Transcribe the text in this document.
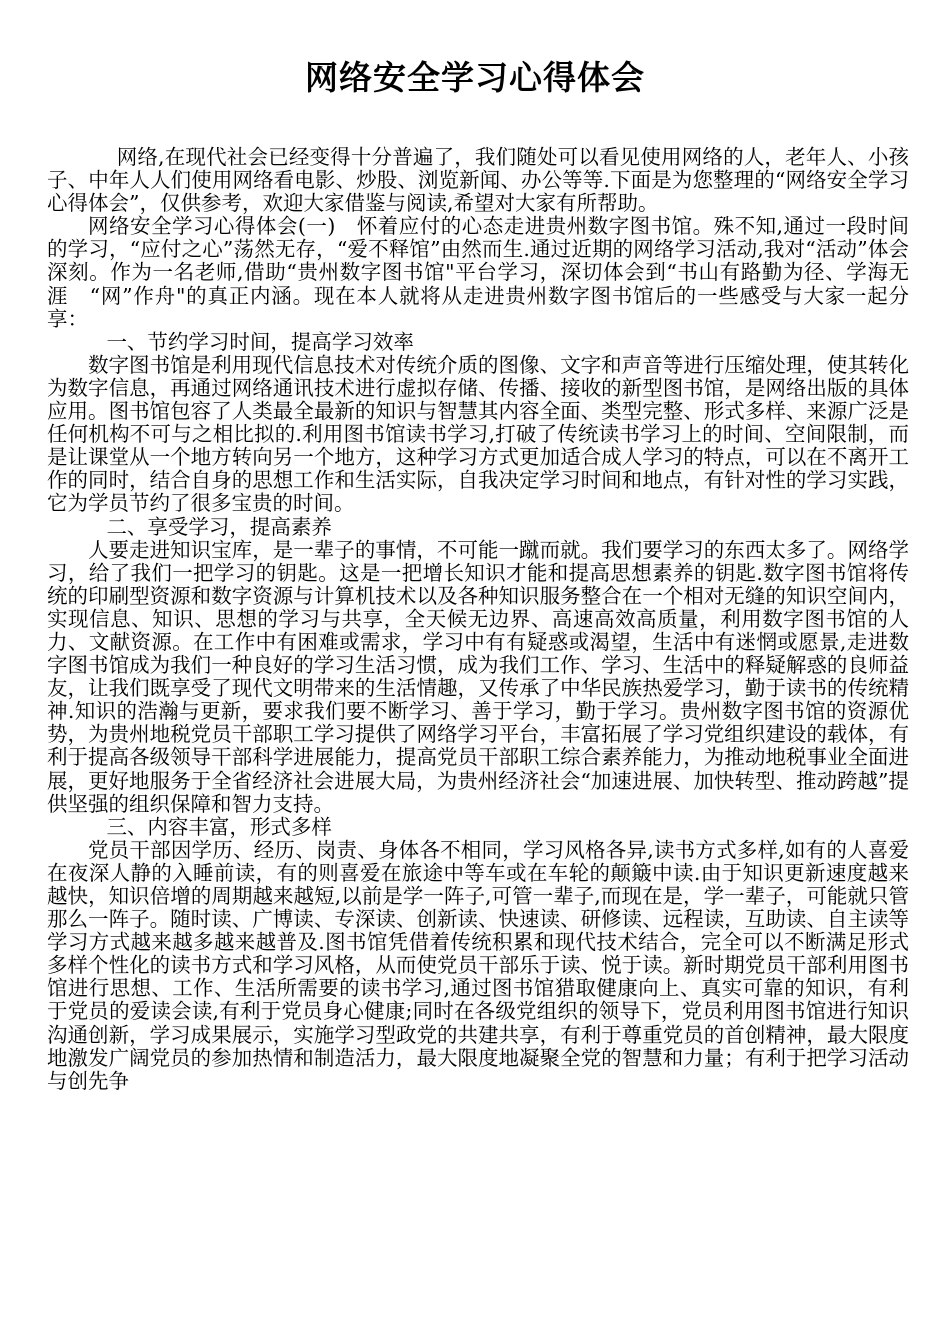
网络安全学习心得体会

网络,在现代社会已经变得十分普遍了，我们随处可以看见使用网络的人，老年人、小孩子、中年人人们使用网络看电影、炒股、浏览新闻、办公等等.下面是为您整理的“网络安全学习心得体会”，仅供参考，欢迎大家借鉴与阅读,希望对大家有所帮助。

网络安全学习心得体会(一)　怀着应付的心态走进贵州数字图书馆。殊不知,通过一段时间的学习，“应付之心”荡然无存，“爱不释馆”由然而生.通过近期的网络学习活动,我对“活动”体会深刻。作为一名老师,借助“贵州数字图书馆"平台学习，深切体会到“书山有路勤为径、学海无涯　“网”作舟"的真正内涵。现在本人就将从走进贵州数字图书馆后的一些感受与大家一起分享：

一、节约学习时间，提高学习效率

数字图书馆是利用现代信息技术对传统介质的图像、文字和声音等进行压缩处理，使其转化为数字信息，再通过网络通讯技术进行虚拟存储、传播、接收的新型图书馆，是网络出版的具体应用。图书馆包容了人类最全最新的知识与智慧其内容全面、类型完整、形式多样、来源广泛是任何机构不可与之相比拟的.利用图书馆读书学习,打破了传统读书学习上的时间、空间限制，而是让课堂从一个地方转向另一个地方，这种学习方式更加适合成人学习的特点，可以在不离开工作的同时，结合自身的思想工作和生活实际，自我决定学习时间和地点，有针对性的学习实践，它为学员节约了很多宝贵的时间。

二、享受学习，提高素养

人要走进知识宝库，是一辈子的事情，不可能一蹴而就。我们要学习的东西太多了。网络学习，给了我们一把学习的钥匙。这是一把增长知识才能和提高思想素养的钥匙.数字图书馆将传统的印刷型资源和数字资源与计算机技术以及各种知识服务整合在一个相对无缝的知识空间内，实现信息、知识、思想的学习与共享，全天候无边界、高速高效高质量，利用数字图书馆的人力、文献资源。在工作中有困难或需求，学习中有有疑惑或渴望，生活中有迷惘或愿景,走进数字图书馆成为我们一种良好的学习生活习惯，成为我们工作、学习、生活中的释疑解惑的良师益友，让我们既享受了现代文明带来的生活情趣，又传承了中华民族热爱学习，勤于读书的传统精神.知识的浩瀚与更新，要求我们要不断学习、善于学习，勤于学习。贵州数字图书馆的资源优势，为贵州地税党员干部职工学习提供了网络学习平台，丰富拓展了学习党组织建设的载体，有利于提高各级领导干部科学进展能力，提高党员干部职工综合素养能力，为推动地税事业全面进展，更好地服务于全省经济社会进展大局，为贵州经济社会“加速进展、加快转型、推动跨越”提供坚强的组织保障和智力支持。

三、内容丰富，形式多样

党员干部因学历、经历、岗责、身体各不相同，学习风格各异,读书方式多样,如有的人喜爱在夜深人静的入睡前读，有的则喜爱在旅途中等车或在车轮的颠簸中读.由于知识更新速度越来越快，知识倍增的周期越来越短,以前是学一阵子,可管一辈子,而现在是，学一辈子，可能就只管那么一阵子。随时读、广博读、专深读、创新读、快速读、研修读、远程读，互助读、自主读等学习方式越来越多越来越普及.图书馆凭借着传统积累和现代技术结合，完全可以不断满足形式多样个性化的读书方式和学习风格，从而使党员干部乐于读、悦于读。新时期党员干部利用图书馆进行思想、工作、生活所需要的读书学习,通过图书馆猎取健康向上、真实可靠的知识，有利于党员的爱读会读,有利于党员身心健康;同时在各级党组织的领导下，党员利用图书馆进行知识沟通创新，学习成果展示，实施学习型政党的共建共享，有利于尊重党员的首创精神，最大限度地激发广阔党员的参加热情和制造活力，最大限度地凝聚全党的智慧和力量；有利于把学习活动与创先争
